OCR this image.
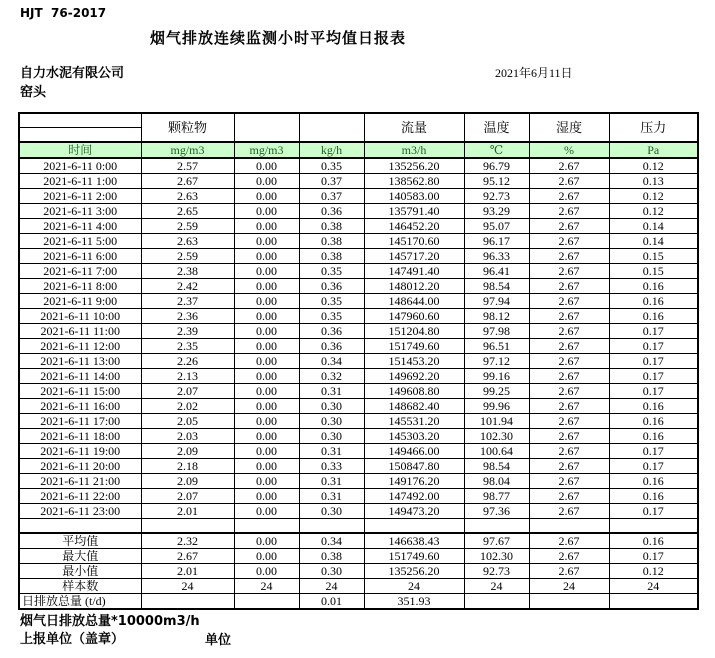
HJT  76-2017
烟气排放连续监测小时平均值日报表
自力水泥有限公司	2021年6月11日
窑头
	颗粒物			流量	温度	湿度	压力

时间	mg/m3	mg/m3	kg/h	m3/h	℃	%	Pa
2021-6-11 0:00	2.57	0.00	0.35	135256.20	96.79	2.67	0.12
2021-6-11 1:00	2.67	0.00	0.37	138562.80	95.12	2.67	0.13
2021-6-11 2:00	2.63	0.00	0.37	140583.00	92.73	2.67	0.12
2021-6-11 3:00	2.65	0.00	0.36	135791.40	93.29	2.67	0.12
2021-6-11 4:00	2.59	0.00	0.38	146452.20	95.07	2.67	0.14
2021-6-11 5:00	2.63	0.00	0.38	145170.60	96.17	2.67	0.14
2021-6-11 6:00	2.59	0.00	0.38	145717.20	96.33	2.67	0.15
2021-6-11 7:00	2.38	0.00	0.35	147491.40	96.41	2.67	0.15
2021-6-11 8:00	2.42	0.00	0.36	148012.20	98.54	2.67	0.16
2021-6-11 9:00	2.37	0.00	0.35	148644.00	97.94	2.67	0.16
2021-6-11 10:00	2.36	0.00	0.35	147960.60	98.12	2.67	0.16
2021-6-11 11:00	2.39	0.00	0.36	151204.80	97.98	2.67	0.17
2021-6-11 12:00	2.35	0.00	0.36	151749.60	96.51	2.67	0.17
2021-6-11 13:00	2.26	0.00	0.34	151453.20	97.12	2.67	0.17
2021-6-11 14:00	2.13	0.00	0.32	149692.20	99.16	2.67	0.17
2021-6-11 15:00	2.07	0.00	0.31	149608.80	99.25	2.67	0.17
2021-6-11 16:00	2.02	0.00	0.30	148682.40	99.96	2.67	0.16
2021-6-11 17:00	2.05	0.00	0.30	145531.20	101.94	2.67	0.16
2021-6-11 18:00	2.03	0.00	0.30	145303.20	102.30	2.67	0.16
2021-6-11 19:00	2.09	0.00	0.31	149466.00	100.64	2.67	0.17
2021-6-11 20:00	2.18	0.00	0.33	150847.80	98.54	2.67	0.17
2021-6-11 21:00	2.09	0.00	0.31	149176.20	98.04	2.67	0.16
2021-6-11 22:00	2.07	0.00	0.31	147492.00	98.77	2.67	0.16
2021-6-11 23:00	2.01	0.00	0.30	149473.20	97.36	2.67	0.17

平均值	2.32	0.00	0.34	146638.43	97.67	2.67	0.16
最大值	2.67	0.00	0.38	151749.60	102.30	2.67	0.17
最小值	2.01	0.00	0.30	135256.20	92.73	2.67	0.12
样本数	24	24	24	24	24	24	24
日排放总量 (t/d)			0.01	351.93			
烟气日排放总量*10000m3/h
上报单位（盖章）	单位
